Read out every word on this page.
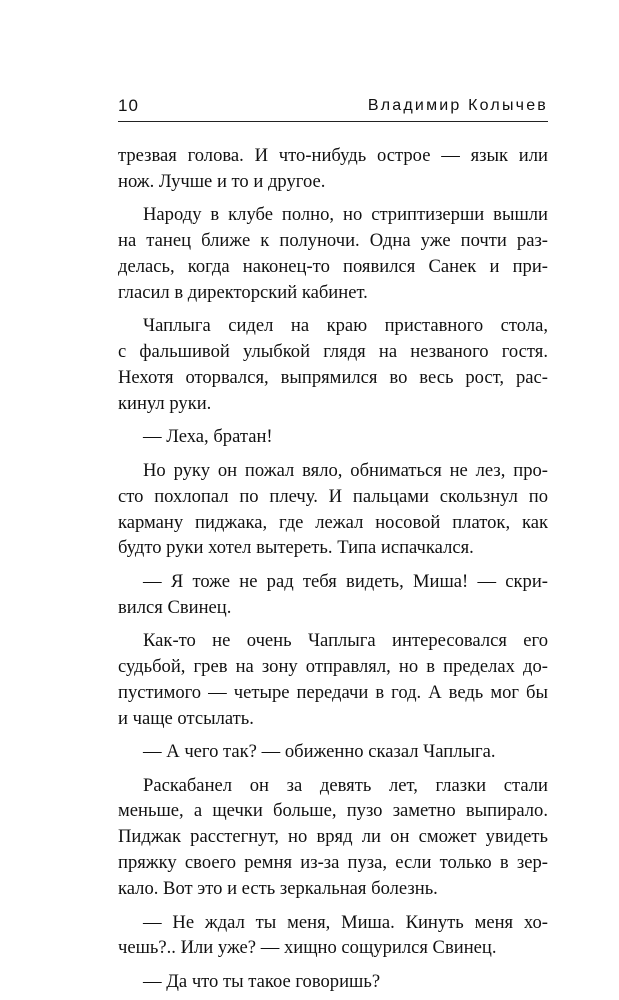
10	Владимир Колычев
трезвая голова. И что-нибудь острое — язык или
нож. Лучше и то и другое.
Народу в клубе полно, но стриптизерши вышли
на танец ближе к полуночи. Одна уже почти раз-
делась, когда наконец-то появился Санек и при-
гласил в директорский кабинет.
Чаплыга сидел на краю приставного стола,
с фальшивой улыбкой глядя на незваного гостя.
Нехотя оторвался, выпрямился во весь рост, рас-
кинул руки.
— Леха, братан!
Но руку он пожал вяло, обниматься не лез, про-
сто похлопал по плечу. И пальцами скользнул по
карману пиджака, где лежал носовой платок, как
будто руки хотел вытереть. Типа испачкался.
— Я тоже не рад тебя видеть, Миша! — скри-
вился Свинец.
Как-то не очень Чаплыга интересовался его
судьбой, грев на зону отправлял, но в пределах до-
пустимого — четыре передачи в год. А ведь мог бы
и чаще отсылать.
— А чего так? — обиженно сказал Чаплыга.
Раскабанел он за девять лет, глазки стали
меньше, а щечки больше, пузо заметно выпирало.
Пиджак расстегнут, но вряд ли он сможет увидеть
пряжку своего ремня из-за пуза, если только в зер-
кало. Вот это и есть зеркальная болезнь.
— Не ждал ты меня, Миша. Кинуть меня хо-
чешь?.. Или уже? — хищно сощурился Свинец.
— Да что ты такое говоришь?
